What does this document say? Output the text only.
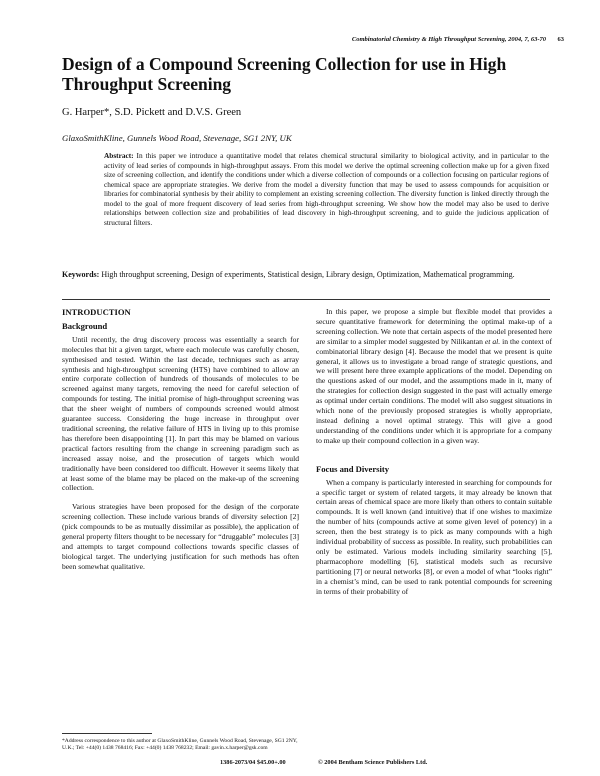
Combinatorial Chemistry & High Throughput Screening, 2004, 7, 63-70 63
Design of a Compound Screening Collection for use in High Throughput Screening
G. Harper*, S.D. Pickett and D.V.S. Green
GlaxoSmithKline, Gunnels Wood Road, Stevenage, SG1 2NY, UK

Abstract: In this paper we introduce a quantitative model that relates chemical structural similarity to biological activity, and in particular to the activity of lead series of compounds in high-throughput assays. From this model we derive the optimal screening collection make up for a given fixed size of screening collection, and identify the conditions under which a diverse collection of compounds or a collection focusing on particular regions of chemical space are appropriate strategies. We derive from the model a diversity function that may be used to assess compounds for acquisition or libraries for combinatorial synthesis by their ability to complement an existing screening collection. The diversity function is linked directly through the model to the goal of more frequent discovery of lead series from high-throughput screening. We show how the model may also be used to derive relationships between collection size and probabilities of lead discovery in high-throughput screening, and to guide the judicious application of structural filters.

Keywords: High throughput screening, Design of experiments, Statistical design, Library design, Optimization, Mathematical programming.

INTRODUCTION
Background

Until recently, the drug discovery process was essentially a search for molecules that hit a given target, where each molecule was carefully chosen, synthesised and tested. Within the last decade, techniques such as array synthesis and high-throughput screening (HTS) have combined to allow an entire corporate collection of hundreds of thousands of molecules to be screened against many targets, removing the need for careful selection of compounds for testing. The initial promise of high-throughput screening was that the sheer weight of numbers of compounds screened would almost guarantee success. Considering the huge increase in throughput over traditional screening, the relative failure of HTS in living up to this promise has therefore been disappointing [1]. In part this may be blamed on various practical factors resulting from the change in screening paradigm such as increased assay noise, and the prosecution of targets which would traditionally have been considered too difficult. However it seems likely that at least some of the blame may be placed on the make-up of the screening collection.

Various strategies have been proposed for the design of the corporate screening collection. These include various brands of diversity selection [2] (pick compounds to be as mutually dissimilar as possible), the application of general property filters thought to be necessary for “druggable” molecules [3] and attempts to target compound collections towards specific classes of biological target. The underlying justification for such methods has often been somewhat qualitative.

In this paper, we propose a simple but flexible model that provides a secure quantitative framework for determining the optimal make-up of a screening collection. We note that certain aspects of the model presented here are similar to a simpler model suggested by Nilikantan et al. in the context of combinatorial library design [4]. Because the model that we present is quite general, it allows us to investigate a broad range of strategic questions, and we will present here three example applications of the model. Depending on the questions asked of our model, and the assumptions made in it, many of the strategies for collection design suggested in the past will actually emerge as optimal under certain conditions. The model will also suggest situations in which none of the previously proposed strategies is wholly appropriate, instead defining a novel optimal strategy. This will give a good understanding of the conditions under which it is appropriate for a company to make up their compound collection in a given way.

Focus and Diversity

When a company is particularly interested in searching for compounds for a specific target or system of related targets, it may already be known that certain areas of chemical space are more likely than others to contain suitable compounds. It is well known (and intuitive) that if one wishes to maximize the number of hits (compounds active at some given level of potency) in a screen, then the best strategy is to pick as many compounds with a high individual probability of success as possible. In reality, such probabilities can only be estimated. Various models including similarity searching [5], pharmacophore modelling [6], statistical models such as recursive partitioning [7] or neural networks [8], or even a model of what “looks right” in a chemist’s mind, can be used to rank potential compounds for screening in terms of their probability of

*Address correspondence to this author at GlaxoSmithKline, Gunnels Wood Road, Stevenage, SG1 2NY, U.K.; Tel: +44(0) 1438 768416; Fax: +44(0) 1438 768232; Email: gavin.x.harper@gsk.com

1386-2073/04 $45.00+.00	© 2004 Bentham Science Publishers Ltd.
